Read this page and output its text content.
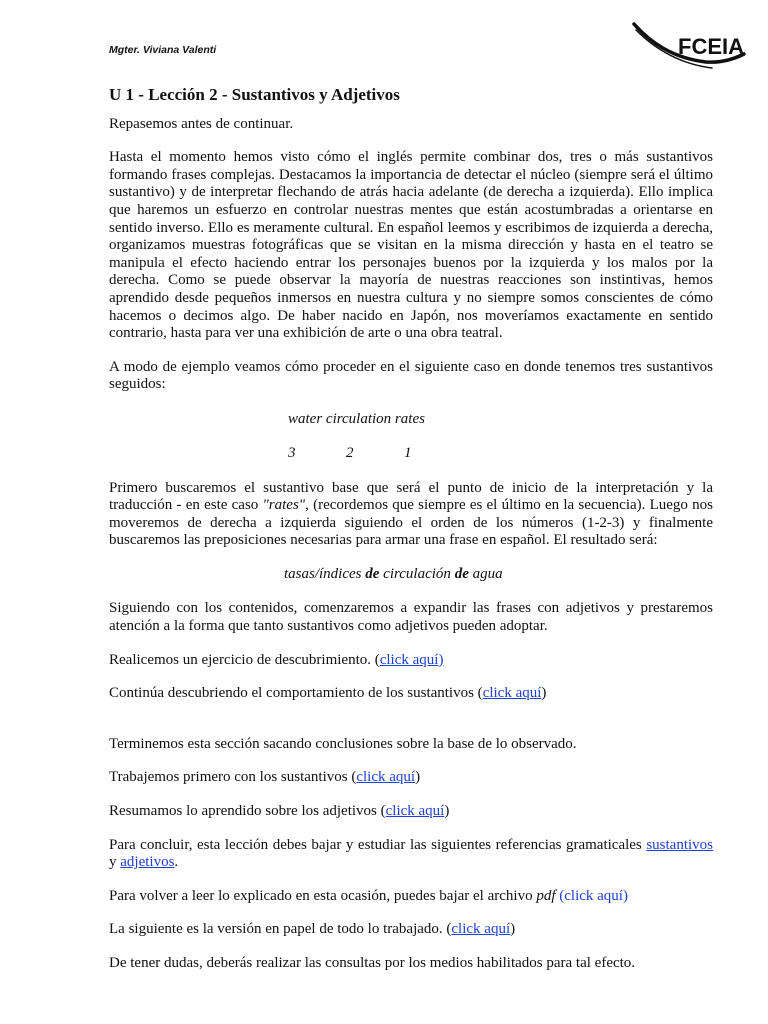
Mgter. Viviana Valenti	FCEIA
U 1 - Lección 2 - Sustantivos y Adjetivos

Repasemos antes de continuar.

Hasta el momento hemos visto cómo el inglés permite combinar dos, tres o más sustantivos formando frases complejas. Destacamos la importancia de detectar el núcleo (siempre será el último sustantivo) y de interpretar flechando de atrás hacia adelante (de derecha a izquierda). Ello implica que haremos un esfuerzo en controlar nuestras mentes que están acostumbradas a orientarse en sentido inverso. Ello es meramente cultural. En español leemos y escribimos de izquierda a derecha, organizamos muestras fotográficas que se visitan en la misma dirección y hasta en el teatro se manipula el efecto haciendo entrar los personajes buenos por la izquierda y los malos por la derecha. Como se puede observar la mayoría de nuestras reacciones son instintivas, hemos aprendido desde pequeños inmersos en nuestra cultura y no siempre somos conscientes de cómo hacemos o decimos algo. De haber nacido en Japón, nos moveríamos exactamente en sentido contrario, hasta para ver una exhibición de arte o una obra teatral.

A modo de ejemplo veamos cómo proceder en el siguiente caso en donde tenemos tres sustantivos seguidos:

water circulation rates
3	2	1

Primero buscaremos el sustantivo base que será el punto de inicio de la interpretación y la traducción - en este caso "rates", (recordemos que siempre es el último en la secuencia). Luego nos moveremos de derecha a izquierda siguiendo el orden de los números (1-2-3) y finalmente buscaremos las preposiciones necesarias para armar una frase en español. El resultado será:

tasas/índices de circulación de agua

Siguiendo con los contenidos, comenzaremos a expandir las frases con adjetivos y prestaremos atención a la forma que tanto sustantivos como adjetivos pueden adoptar.

Realicemos un ejercicio de descubrimiento. (click aquí)

Continúa descubriendo el comportamiento de los sustantivos (click aquí)

Terminemos esta sección sacando conclusiones sobre la base de lo observado.

Trabajemos primero con los sustantivos (click aquí)

Resumamos lo aprendido sobre los adjetivos (click aquí)

Para concluir, esta lección debes bajar y estudiar las siguientes referencias gramaticales sustantivos y adjetivos.

Para volver a leer lo explicado en esta ocasión, puedes bajar el archivo pdf (click aquí)

La siguiente es la versión en papel de todo lo trabajado. (click aquí)

De tener dudas, deberás realizar las consultas por los medios habilitados para tal efecto.
